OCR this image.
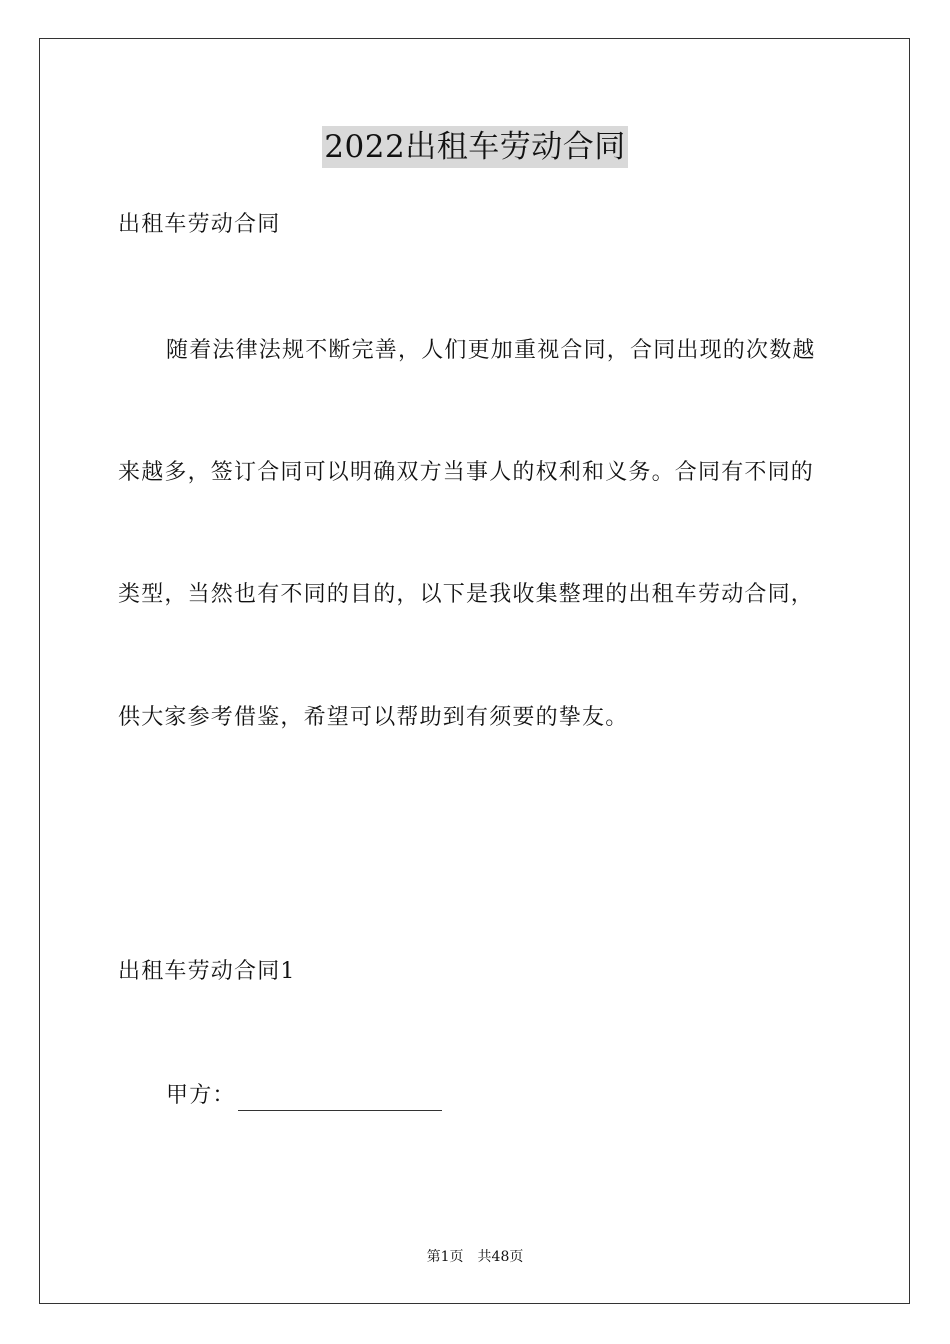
2022出租车劳动合同
出租车劳动合同
随着法律法规不断完善，人们更加重视合同，合同出现的次数越
来越多，签订合同可以明确双方当事人的权利和义务。合同有不同的
类型，当然也有不同的目的，以下是我收集整理的出租车劳动合同，
供大家参考借鉴，希望可以帮助到有须要的挚友。
出租车劳动合同1
甲方：
第1页 共48页
